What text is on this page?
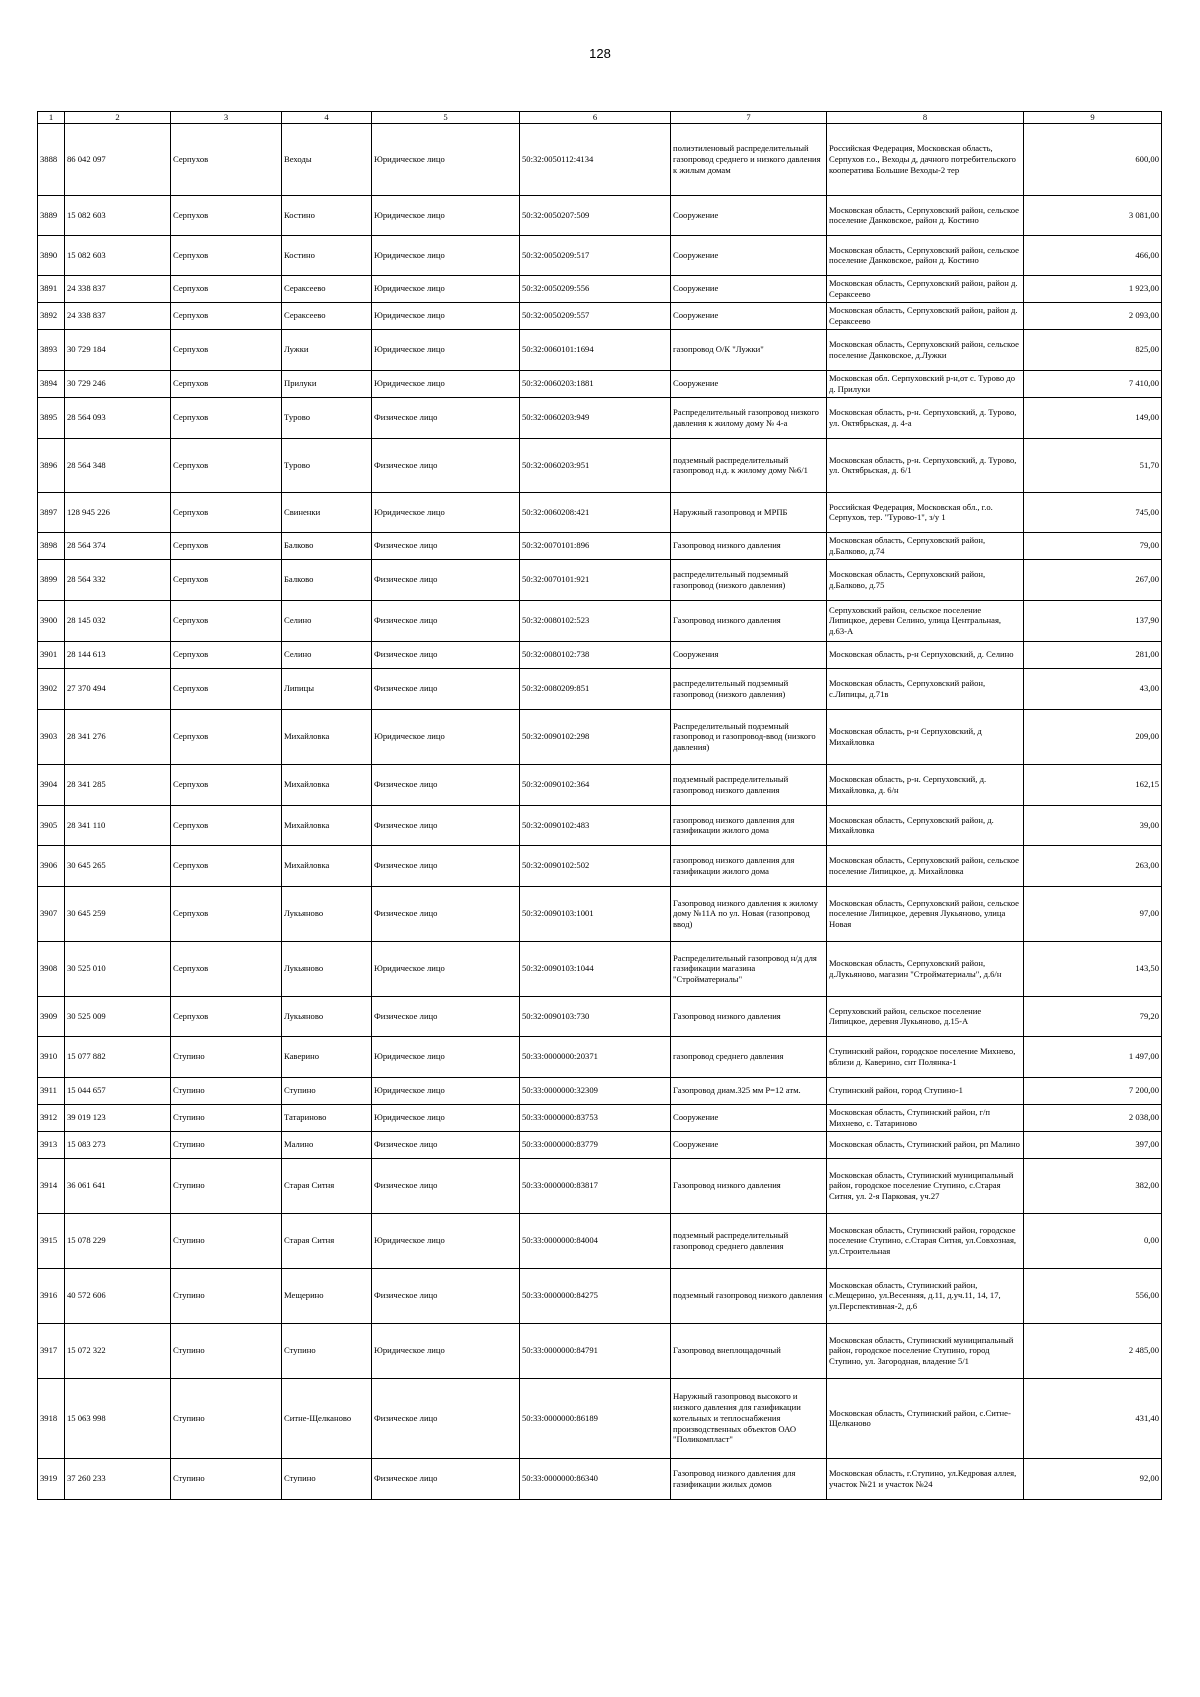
128
1	2	3	4	5	6	7	8	9
3888	86 042 097	Серпухов	Веходы	Юридическое лицо	50:32:0050112:4134	полиэтиленовый распределительный газопровод среднего и низкого давления к жилым домам	Российская Федерация, Московская область, Серпухов г.о., Веходы д, дачного потребительского кооператива Большие Веходы-2 тер	600,00
3889	15 082 603	Серпухов	Костино	Юридическое лицо	50:32:0050207:509	Сооружение	Московская область, Серпуховский район, сельское поселение Данковское, район д. Костино	3 081,00
3890	15 082 603	Серпухов	Костино	Юридическое лицо	50:32:0050209:517	Сооружение	Московская область, Серпуховский район, сельское поселение Данковское, район д. Костино	466,00
3891	24 338 837	Серпухов	Сераксеево	Юридическое лицо	50:32:0050209:556	Сооружение	Московская область, Серпуховский район, район д. Сераксеево	1 923,00
3892	24 338 837	Серпухов	Сераксеево	Юридическое лицо	50:32:0050209:557	Сооружение	Московская область, Серпуховский район, район д. Сераксеево	2 093,00
3893	30 729 184	Серпухов	Лужки	Юридическое лицо	50:32:0060101:1694	газопровод О/К "Лужки"	Московская область, Серпуховский район, сельское поселение Данковское, д.Лужки	825,00
3894	30 729 246	Серпухов	Прилуки	Юридическое лицо	50:32:0060203:1881	Сооружение	Московская обл. Серпуховский р-н,от с. Турово до д. Прилуки	7 410,00
3895	28 564 093	Серпухов	Турово	Физическое лицо	50:32:0060203:949	Распределительный газопровод низкого давления к жилому дому № 4-а	Московская область, р-н. Серпуховский, д. Турово, ул. Октябрьская, д. 4-а	149,00
3896	28 564 348	Серпухов	Турово	Физическое лицо	50:32:0060203:951	подземный распределительный газопровод н.д. к жилому дому №6/1	Московская область, р-н. Серпуховский, д. Турово, ул. Октябрьская, д. 6/1	51,70
3897	128 945 226	Серпухов	Свиненки	Юридическое лицо	50:32:0060208:421	Наружный газопровод и МРПБ	Российская Федерация, Московская обл., г.о. Серпухов, тер. "Турово-1", з/у 1	745,00
3898	28 564 374	Серпухов	Балково	Физическое лицо	50:32:0070101:896	Газопровод низкого давления	Московская область, Серпуховский район, д.Балково, д.74	79,00
3899	28 564 332	Серпухов	Балково	Физическое лицо	50:32:0070101:921	распределительный подземный газопровод (низкого давления)	Московская область, Серпуховский район, д.Балково, д.75	267,00
3900	28 145 032	Серпухов	Селино	Физическое лицо	50:32:0080102:523	Газопровод низкого давления	Серпуховский район, сельское поселение Липицкое, деревн Селино, улица Центральная, д.63-А	137,90
3901	28 144 613	Серпухов	Селино	Физическое лицо	50:32:0080102:738	Сооружения	Московская область, р-н Серпуховский, д. Селино	281,00
3902	27 370 494	Серпухов	Липицы	Физическое лицо	50:32:0080209:851	распределительный подземный газопровод (низкого давления)	Московская область, Серпуховский район, с.Липицы, д.71в	43,00
3903	28 341 276	Серпухов	Михайловка	Юридическое лицо	50:32:0090102:298	Распределительный подземный газопровод и газопровод-ввод (низкого давления)	Московская область, р-н Серпуховский, д Михайловка	209,00
3904	28 341 285	Серпухов	Михайловка	Физическое лицо	50:32:0090102:364	подземный распределительный газопровод низкого давления	Московская область, р-н. Серпуховский, д. Михайловка, д. 6/н	162,15
3905	28 341 110	Серпухов	Михайловка	Физическое лицо	50:32:0090102:483	газопровод низкого давления для газификации жилого дома	Московская область, Серпуховский район, д. Михайловка	39,00
3906	30 645 265	Серпухов	Михайловка	Физическое лицо	50:32:0090102:502	газопровод низкого давления для газификации жилого дома	Московская область, Серпуховский район, сельское поселение Липицкое, д. Михайловка	263,00
3907	30 645 259	Серпухов	Лукьяново	Физическое лицо	50:32:0090103:1001	Газопровод низкого давления к жилому дому №11А по ул. Новая (газопровод ввод)	Московская область, Серпуховский район, сельское поселение Липицкое, деревня Лукьяново, улица Новая	97,00
3908	30 525 010	Серпухов	Лукьяново	Юридическое лицо	50:32:0090103:1044	Распределительный газопровод н/д для газификации магазина "Стройматериалы"	Московская область, Серпуховский район, д.Лукьяново, магазин "Стройматериалы", д.6/н	143,50
3909	30 525 009	Серпухов	Лукьяново	Физическое лицо	50:32:0090103:730	Газопровод низкого давления	Серпуховский район, сельское поселение Липицкое, деревня Лукьяново, д.15-А	79,20
3910	15 077 882	Ступино	Каверино	Юридическое лицо	50:33:0000000:20371	газопровод среднего давления	Ступинский район, городское поселение Михнево, вблизи д. Каверино, снт Полянка-1	1 497,00
3911	15 044 657	Ступино	Ступино	Юридическое лицо	50:33:0000000:32309	Газопровод диам.325 мм Р=12 атм.	Ступинский район, город Ступино-1	7 200,00
3912	39 019 123	Ступино	Татариново	Юридическое лицо	50:33:0000000:83753	Сооружение	Московская область, Ступинский район, г/п Михнево, с. Татариново	2 038,00
3913	15 083 273	Ступино	Малино	Физическое лицо	50:33:0000000:83779	Сооружение	Московская область, Ступинский район, рп Малино	397,00
3914	36 061 641	Ступино	Старая Ситня	Физическое лицо	50:33:0000000:83817	Газопровод низкого давления	Московская область, Ступинский муниципальный район, городское поселение Ступино, с.Старая Ситня, ул. 2-я Парковая, уч.27	382,00
3915	15 078 229	Ступино	Старая Ситня	Юридическое лицо	50:33:0000000:84004	подземный распределительный газопровод среднего давления	Московская область, Ступинский район, городское поселение Ступино, с.Старая Ситня, ул.Совхозная, ул.Строительная	0,00
3916	40 572 606	Ступино	Мещерино	Физическое лицо	50:33:0000000:84275	подземный газопровод низкого давления	Московская область, Ступинский район, с.Мещерино, ул.Весенняя, д.11, д.уч.11, 14, 17, ул.Перспективная-2, д.6	556,00
3917	15 072 322	Ступино	Ступино	Юридическое лицо	50:33:0000000:84791	Газопровод внеплощадочный	Московская область, Ступинский муниципальный район, городское поселение Ступино, город Ступино, ул. Загородная, владение 5/1	2 485,00
3918	15 063 998	Ступино	Ситне-Щелканово	Физическое лицо	50:33:0000000:86189	Наружный газопровод высокого и низкого давления для газификации котельных и теплоснабжения производственных объектов ОАО "Поликомпласт"	Московская область, Ступинский район, с.Ситне-Щелканово	431,40
3919	37 260 233	Ступино	Ступино	Физическое лицо	50:33:0000000:86340	Газопровод низкого давления для газификации жилых домов	Московская область, г.Ступино, ул.Кедровая аллея, участок №21 и участок №24	92,00
